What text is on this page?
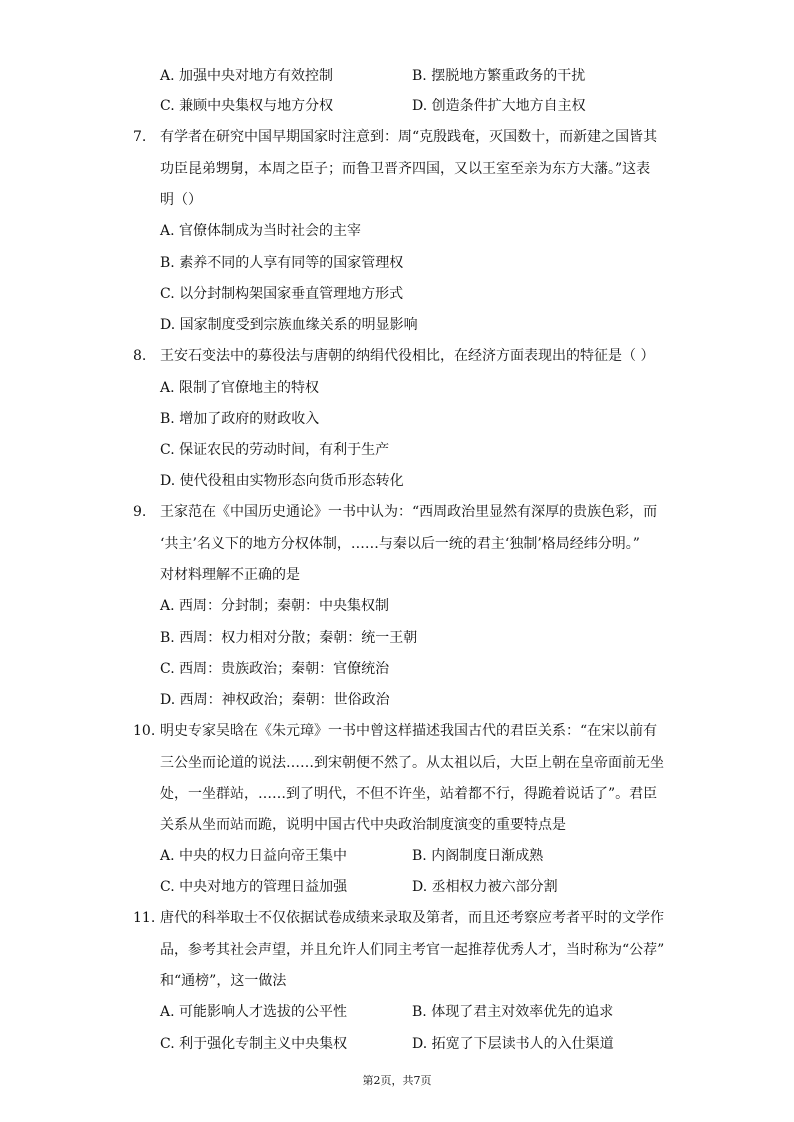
A. 加强中央对地方有效控制	B. 摆脱地方繁重政务的干扰
C. 兼顾中央集权与地方分权	D. 创造条件扩大地方自主权
7. 有学者在研究中国早期国家时注意到：周“克殷践奄，灭国数十，而新建之国皆其
功臣昆弟甥舅，本周之臣子；而鲁卫晋齐四国，又以王室至亲为东方大藩。”这表
明（）
A. 官僚体制成为当时社会的主宰
B. 素养不同的人享有同等的国家管理权
C. 以分封制构架国家垂直管理地方形式
D. 国家制度受到宗族血缘关系的明显影响
8. 王安石变法中的募役法与唐朝的纳绢代役相比，在经济方面表现出的特征是（ ）
A. 限制了官僚地主的特权
B. 增加了政府的财政收入
C. 保证农民的劳动时间，有利于生产
D. 使代役租由实物形态向货币形态转化
9. 王家范在《中国历史通论》一书中认为：“西周政治里显然有深厚的贵族色彩，而
‘共主’名义下的地方分权体制，……与秦以后一统的君主‘独制’格局经纬分明。”
对材料理解不正确的是
A. 西周：分封制；秦朝：中央集权制
B. 西周：权力相对分散；秦朝：统一王朝
C. 西周：贵族政治；秦朝：官僚统治
D. 西周：神权政治；秦朝：世俗政治
10. 明史专家吴晗在《朱元璋》一书中曾这样描述我国古代的君臣关系：“在宋以前有
三公坐而论道的说法……到宋朝便不然了。从太祖以后，大臣上朝在皇帝面前无坐
处，一坐群站，……到了明代，不但不许坐，站着都不行，得跪着说话了”。君臣
关系从坐而站而跪，说明中国古代中央政治制度演变的重要特点是
A. 中央的权力日益向帝王集中	B. 内阁制度日渐成熟
C. 中央对地方的管理日益加强	D. 丞相权力被六部分割
11. 唐代的科举取士不仅依据试卷成绩来录取及第者，而且还考察应考者平时的文学作
品，参考其社会声望，并且允许人们同主考官一起推荐优秀人才，当时称为“公荐”
和“通榜”，这一做法
A. 可能影响人才选拔的公平性	B. 体现了君主对效率优先的追求
C. 利于强化专制主义中央集权	D. 拓宽了下层读书人的入仕渠道
第2页，共7页
